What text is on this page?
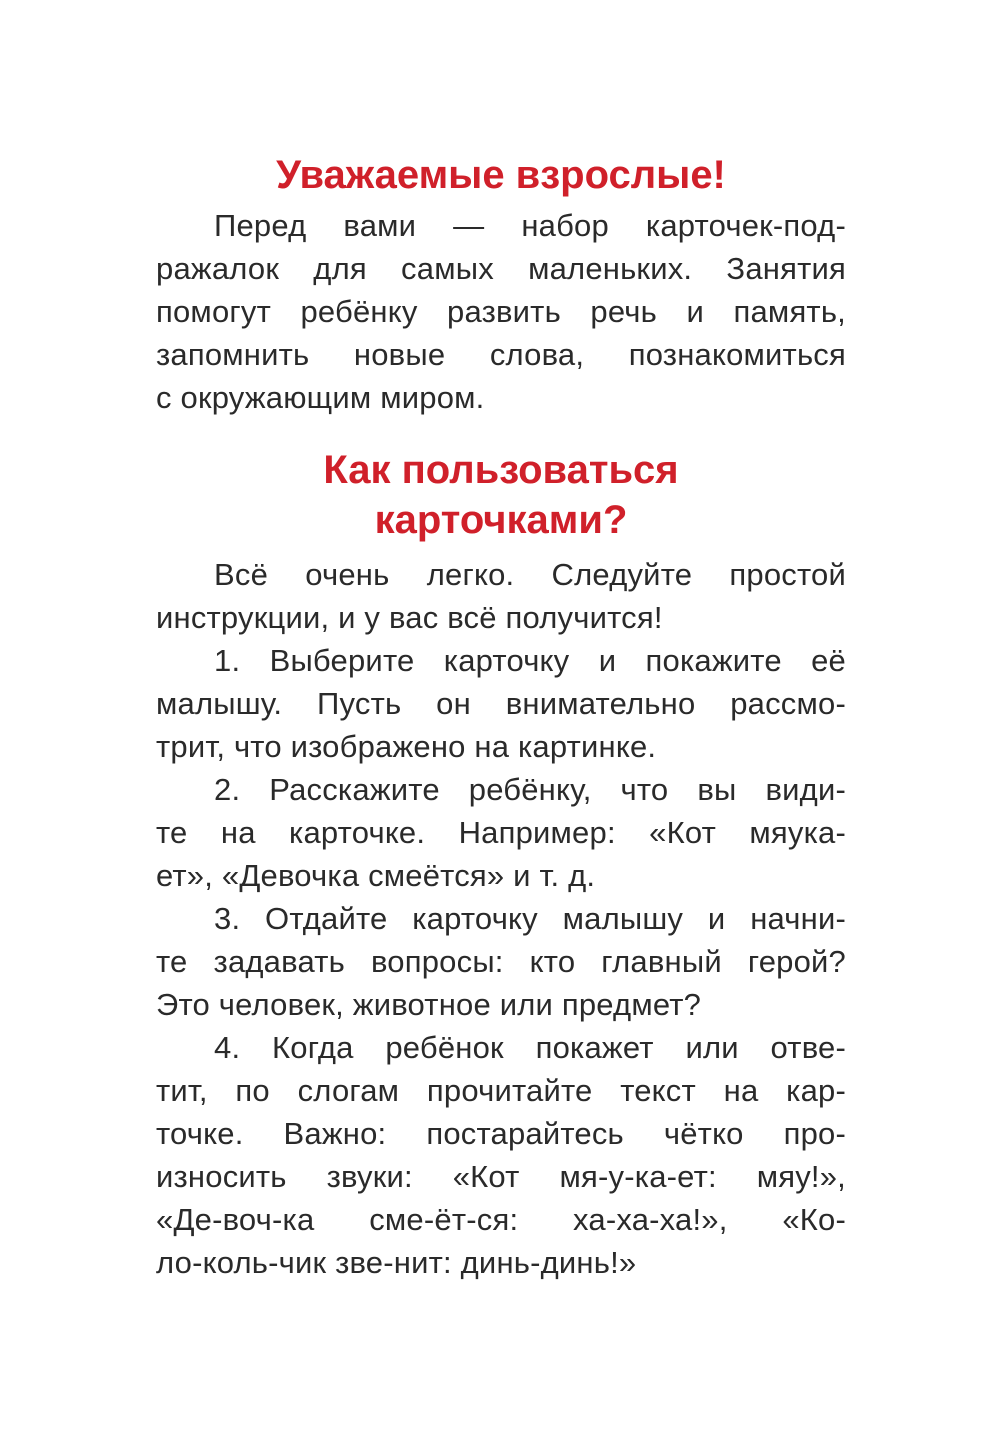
Уважаемые взрослые!

Перед вами — набор карточек-под-
ражалок для самых маленьких. Занятия
помогут ребёнку развить речь и память,
запомнить новые слова, познакомиться
с окружающим миром.

Как пользоваться
карточками?

Всё очень легко. Следуйте простой
инструкции, и у вас всё получится!

1. Выберите карточку и покажите её
малышу. Пусть он внимательно рассмо-
трит, что изображено на картинке.

2. Расскажите ребёнку, что вы види-
те на карточке. Например: «Кот мяука-
ет», «Девочка смеётся» и т. д.

3. Отдайте карточку малышу и начни-
те задавать вопросы: кто главный герой?
Это человек, животное или предмет?

4. Когда ребёнок покажет или отве-
тит, по слогам прочитайте текст на кар-
точке. Важно: постарайтесь чётко про-
износить звуки: «Кот мя-у-ка-ет: мяу!»,
«Де-воч-ка сме-ёт-ся: ха-ха-ха!», «Ко-
ло-коль-чик зве-нит: динь-динь!»
